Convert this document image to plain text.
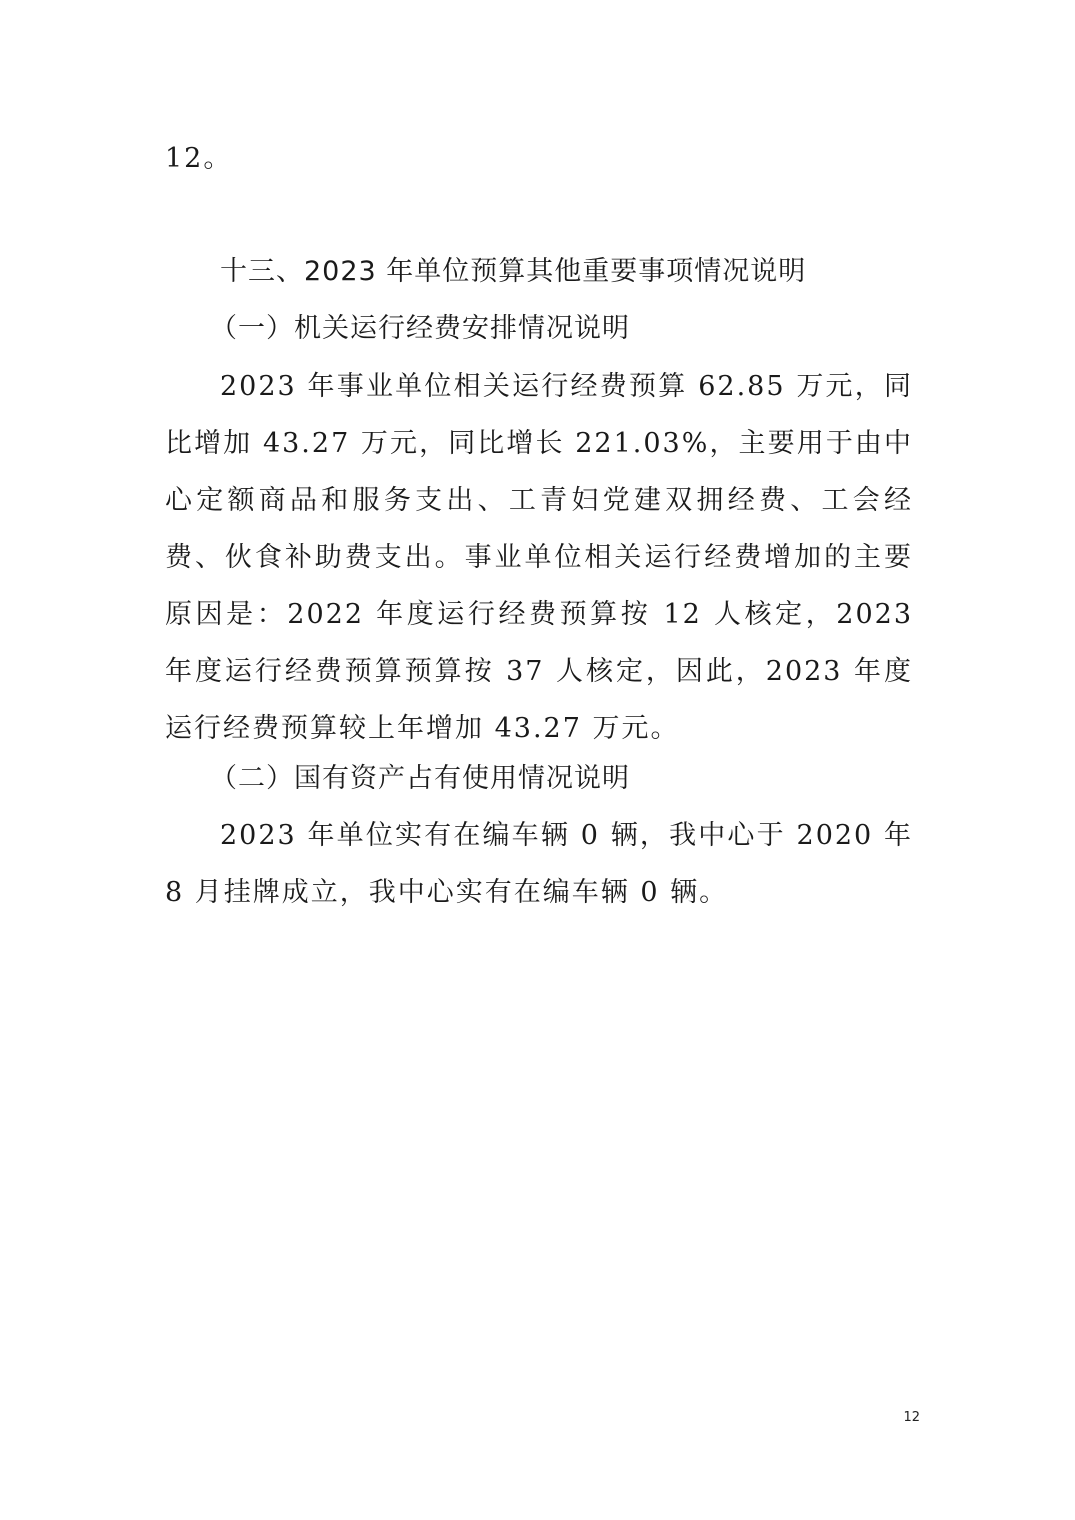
12。

十三、2023 年单位预算其他重要事项情况说明
（一）机关运行经费安排情况说明

2023 年事业单位相关运行经费预算 62.85 万元，同比增加 43.27 万元，同比增长 221.03%，主要用于由中心定额商品和服务支出、工青妇党建双拥经费、工会经费、伙食补助费支出。事业单位相关运行经费增加的主要原因是：2022 年度运行经费预算按 12 人核定，2023 年度运行经费预算预算按 37 人核定，因此，2023 年度运行经费预算较上年增加 43.27 万元。

（二）国有资产占有使用情况说明

2023 年单位实有在编车辆 0 辆，我中心于 2020 年 8 月挂牌成立，我中心实有在编车辆 0 辆。

12
